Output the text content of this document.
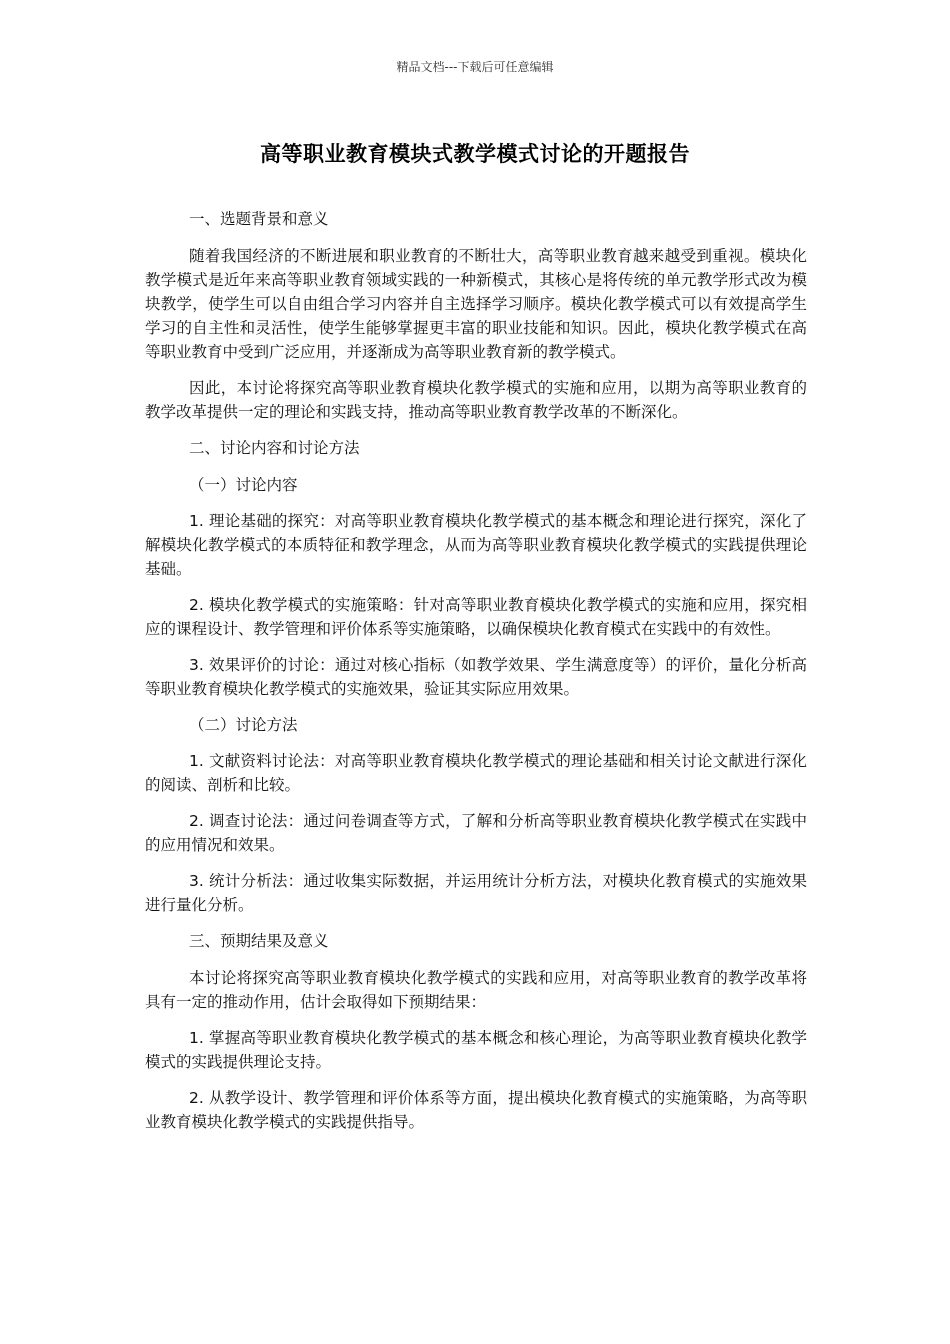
精品文档---下载后可任意编辑
高等职业教育模块式教学模式讨论的开题报告

一、选题背景和意义

随着我国经济的不断进展和职业教育的不断壮大，高等职业教育越来越受到重视。模块化教学模式是近年来高等职业教育领域实践的一种新模式，其核心是将传统的单元教学形式改为模块教学，使学生可以自由组合学习内容并自主选择学习顺序。模块化教学模式可以有效提高学生学习的自主性和灵活性，使学生能够掌握更丰富的职业技能和知识。因此，模块化教学模式在高等职业教育中受到广泛应用，并逐渐成为高等职业教育新的教学模式。

因此，本讨论将探究高等职业教育模块化教学模式的实施和应用，以期为高等职业教育的教学改革提供一定的理论和实践支持，推动高等职业教育教学改革的不断深化。

二、讨论内容和讨论方法

（一）讨论内容

1. 理论基础的探究：对高等职业教育模块化教学模式的基本概念和理论进行探究，深化了解模块化教学模式的本质特征和教学理念，从而为高等职业教育模块化教学模式的实践提供理论基础。

2. 模块化教学模式的实施策略：针对高等职业教育模块化教学模式的实施和应用，探究相应的课程设计、教学管理和评价体系等实施策略，以确保模块化教育模式在实践中的有效性。

3. 效果评价的讨论：通过对核心指标（如教学效果、学生满意度等）的评价，量化分析高等职业教育模块化教学模式的实施效果，验证其实际应用效果。

（二）讨论方法

1. 文献资料讨论法：对高等职业教育模块化教学模式的理论基础和相关讨论文献进行深化的阅读、剖析和比较。

2. 调查讨论法：通过问卷调查等方式，了解和分析高等职业教育模块化教学模式在实践中的应用情况和效果。

3. 统计分析法：通过收集实际数据，并运用统计分析方法，对模块化教育模式的实施效果进行量化分析。

三、预期结果及意义

本讨论将探究高等职业教育模块化教学模式的实践和应用，对高等职业教育的教学改革将具有一定的推动作用，估计会取得如下预期结果：

1. 掌握高等职业教育模块化教学模式的基本概念和核心理论，为高等职业教育模块化教学模式的实践提供理论支持。

2. 从教学设计、教学管理和评价体系等方面，提出模块化教育模式的实施策略，为高等职业教育模块化教学模式的实践提供指导。
